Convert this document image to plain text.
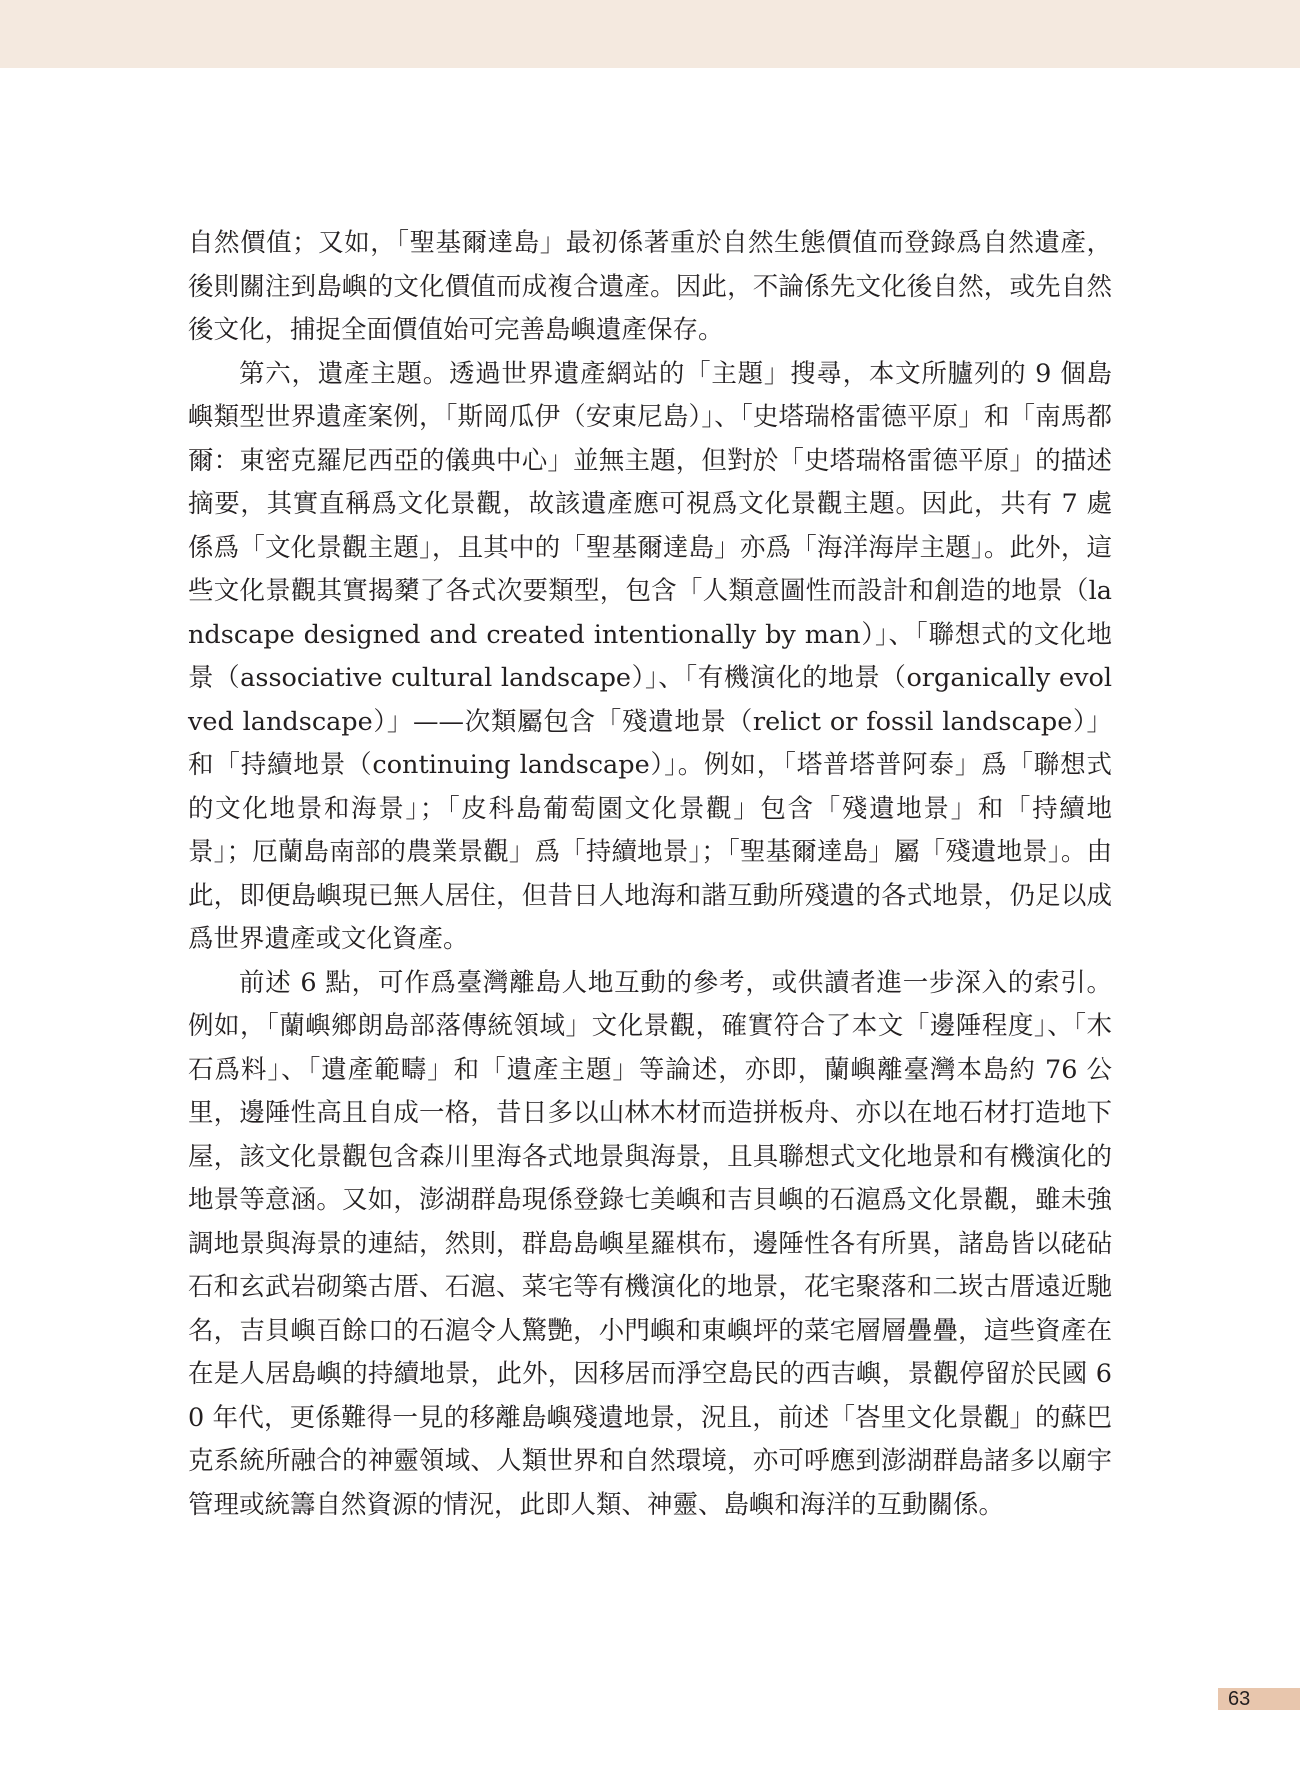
自然價值；又如，「聖基爾達島」最初係著重於自然生態價值而登錄爲自然遺產，後則關注到島嶼的文化價值而成複合遺產。因此，不論係先文化後自然，或先自然後文化，捕捉全面價值始可完善島嶼遺產保存。

第六，遺產主題。透過世界遺產網站的「主題」搜尋，本文所臚列的 9 個島嶼類型世界遺產案例，「斯岡瓜伊（安東尼島）」、「史塔瑞格雷德平原」和「南馬都爾：東密克羅尼西亞的儀典中心」並無主題，但對於「史塔瑞格雷德平原」的描述摘要，其實直稱爲文化景觀，故該遺產應可視爲文化景觀主題。因此，共有 7 處係爲「文化景觀主題」，且其中的「聖基爾達島」亦爲「海洋海岸主題」。此外，這些文化景觀其實揭櫫了各式次要類型，包含「人類意圖性而設計和創造的地景（landscape designed and created intentionally by man）」、「聯想式的文化地景（associative cultural landscape）」、「有機演化的地景（organically evolved landscape）」——次類屬包含「殘遺地景（relict or fossil landscape）」和「持續地景（continuing landscape）」。例如，「塔普塔普阿泰」爲「聯想式的文化地景和海景」；「皮科島葡萄園文化景觀」包含「殘遺地景」和「持續地景」；厄蘭島南部的農業景觀」爲「持續地景」；「聖基爾達島」屬「殘遺地景」。由此，即便島嶼現已無人居住，但昔日人地海和諧互動所殘遺的各式地景，仍足以成爲世界遺產或文化資產。

前述 6 點，可作爲臺灣離島人地互動的參考，或供讀者進一步深入的索引。例如，「蘭嶼鄉朗島部落傳統領域」文化景觀，確實符合了本文「邊陲程度」、「木石爲料」、「遺產範疇」和「遺產主題」等論述，亦即，蘭嶼離臺灣本島約 76 公里，邊陲性高且自成一格，昔日多以山林木材而造拼板舟、亦以在地石材打造地下屋，該文化景觀包含森川里海各式地景與海景，且具聯想式文化地景和有機演化的地景等意涵。又如，澎湖群島現係登錄七美嶼和吉貝嶼的石滬爲文化景觀，雖未強調地景與海景的連結，然則，群島島嶼星羅棋布，邊陲性各有所異，諸島皆以硓砧石和玄武岩砌築古厝、石滬、菜宅等有機演化的地景，花宅聚落和二崁古厝遠近馳名，吉貝嶼百餘口的石滬令人驚艷，小門嶼和東嶼坪的菜宅層層疊疊，這些資產在在是人居島嶼的持續地景，此外，因移居而淨空島民的西吉嶼，景觀停留於民國 60 年代，更係難得一見的移離島嶼殘遺地景，況且，前述「峇里文化景觀」的蘇巴克系統所融合的神靈領域、人類世界和自然環境，亦可呼應到澎湖群島諸多以廟宇管理或統籌自然資源的情況，此即人類、神靈、島嶼和海洋的互動關係。

63
